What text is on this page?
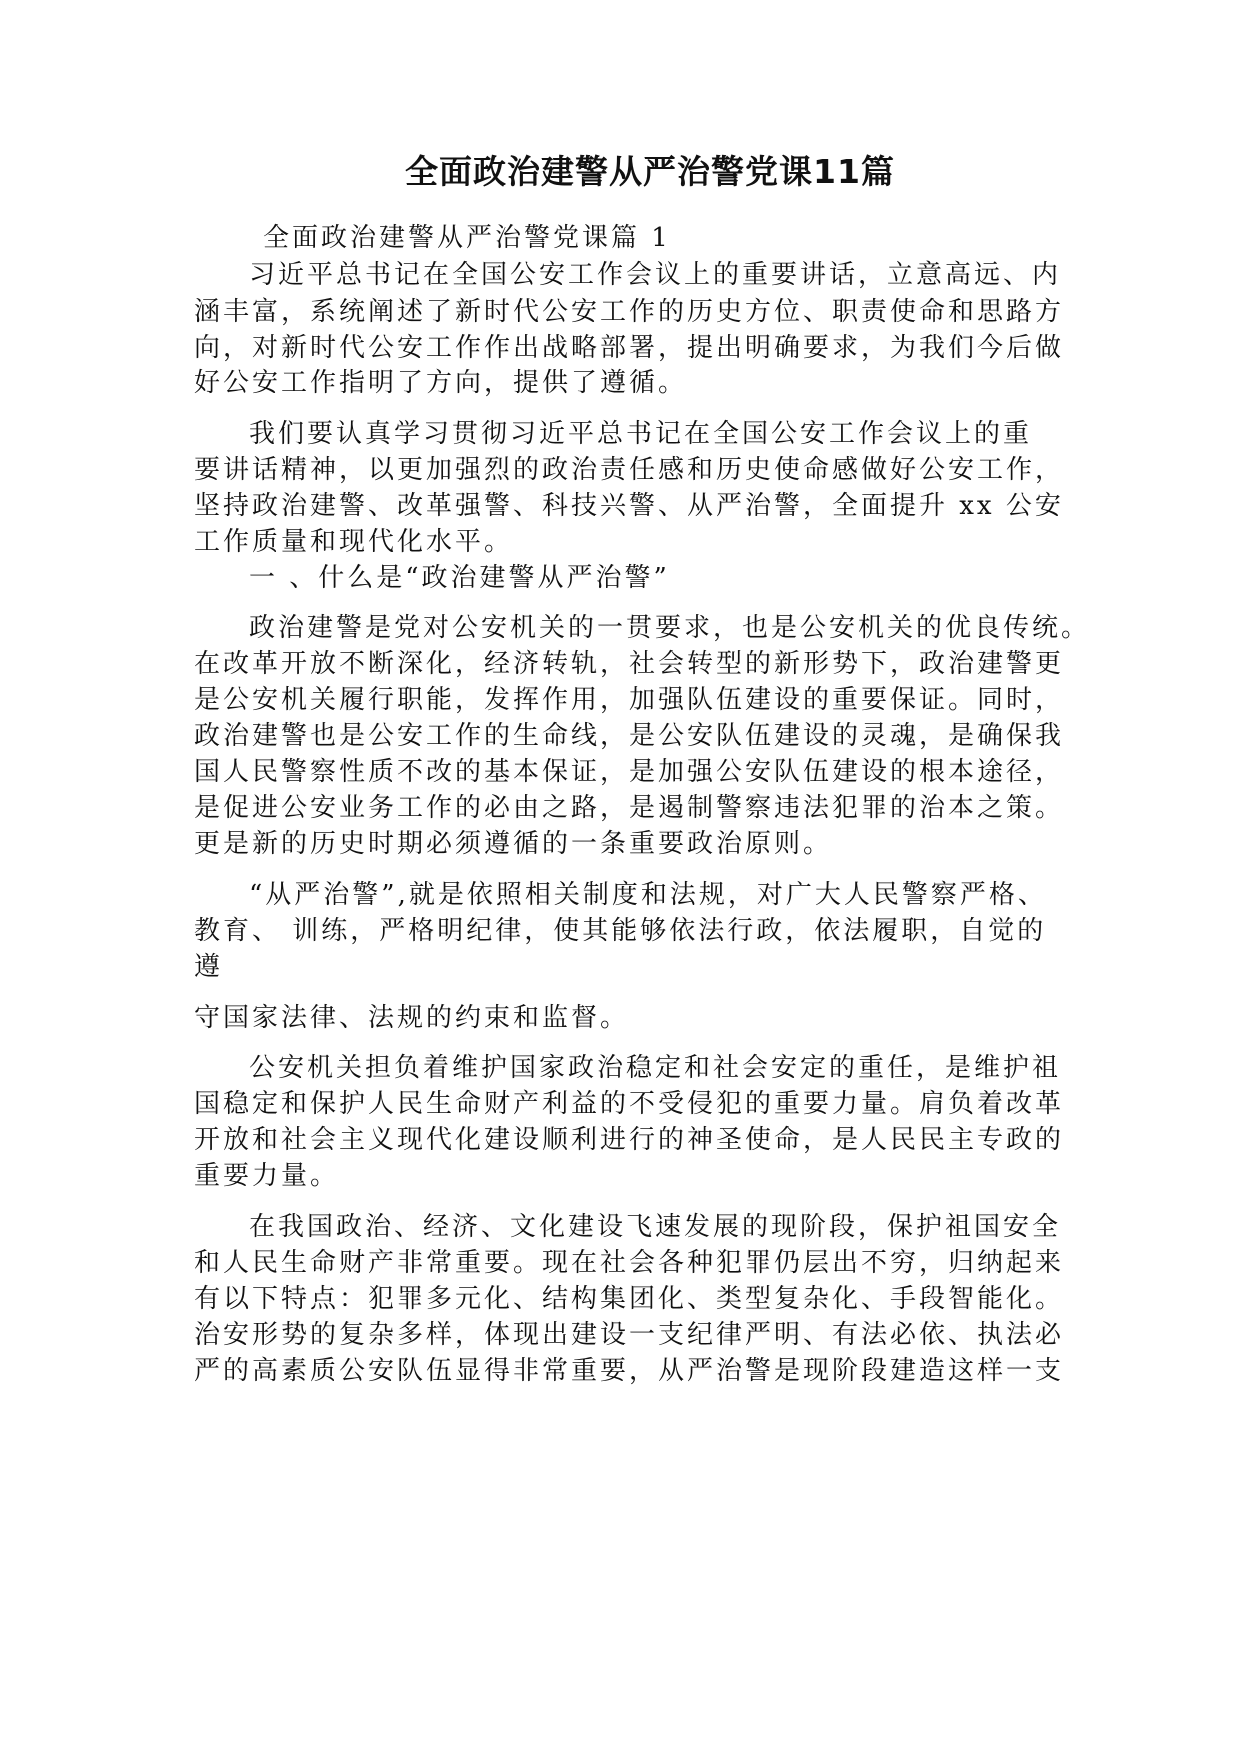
全面政治建警从严治警党课11篇
全面政治建警从严治警党课篇 1
习近平总书记在全国公安工作会议上的重要讲话，立意高远、内
涵丰富，系统阐述了新时代公安工作的历史方位、职责使命和思路方
向，对新时代公安工作作出战略部署，提出明确要求，为我们今后做
好公安工作指明了方向，提供了遵循。
我们要认真学习贯彻习近平总书记在全国公安工作会议上的重
要讲话精神，以更加强烈的政治责任感和历史使命感做好公安工作，
坚持政治建警、改革强警、科技兴警、从严治警，全面提升 xx 公安
工作质量和现代化水平。
一 、什么是“政治建警从严治警”
政治建警是党对公安机关的一贯要求，也是公安机关的优良传统。
在改革开放不断深化，经济转轨，社会转型的新形势下，政治建警更
是公安机关履行职能，发挥作用，加强队伍建设的重要保证。同时，
政治建警也是公安工作的生命线，是公安队伍建设的灵魂，是确保我
国人民警察性质不改的基本保证，是加强公安队伍建设的根本途径，
是促进公安业务工作的必由之路，是遏制警察违法犯罪的治本之策。
更是新的历史时期必须遵循的一条重要政治原则。
“从严治警”,就是依照相关制度和法规，对广大人民警察严格、
教育、 训练，严格明纪律，使其能够依法行政，依法履职，自觉的
遵
守国家法律、法规的约束和监督。
公安机关担负着维护国家政治稳定和社会安定的重任，是维护祖
国稳定和保护人民生命财产利益的不受侵犯的重要力量。肩负着改革
开放和社会主义现代化建设顺利进行的神圣使命，是人民民主专政的
重要力量。
在我国政治、经济、文化建设飞速发展的现阶段，保护祖国安全
和人民生命财产非常重要。现在社会各种犯罪仍层出不穷，归纳起来
有以下特点：犯罪多元化、结构集团化、类型复杂化、手段智能化。
治安形势的复杂多样，体现出建设一支纪律严明、有法必依、执法必
严的高素质公安队伍显得非常重要，从严治警是现阶段建造这样一支
